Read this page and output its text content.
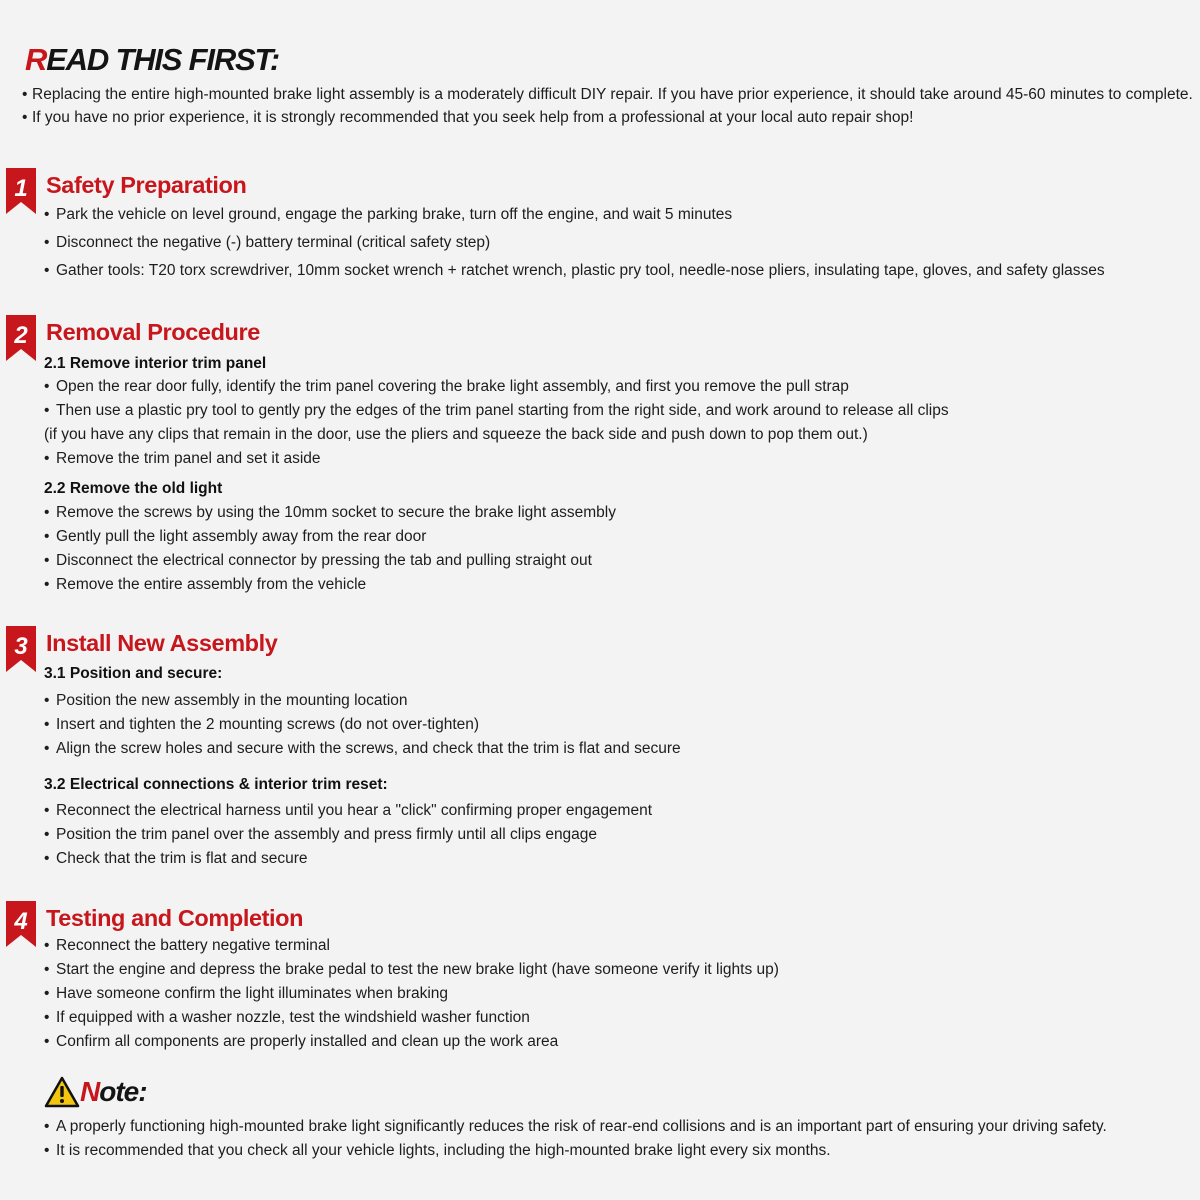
READ THIS FIRST:
• Replacing the entire high-mounted brake light assembly is a moderately difficult DIY repair. If you have prior experience, it should take around 45-60 minutes to complete.
• If you have no prior experience, it is strongly recommended that you seek help from a professional at your local auto repair shop!
1 Safety Preparation
• Park the vehicle on level ground, engage the parking brake, turn off the engine, and wait 5 minutes
• Disconnect the negative (-) battery terminal (critical safety step)
• Gather tools: T20 torx screwdriver, 10mm socket wrench + ratchet wrench, plastic pry tool, needle-nose pliers, insulating tape, gloves, and safety glasses
2 Removal Procedure
2.1 Remove interior trim panel
• Open the rear door fully, identify the trim panel covering the brake light assembly, and first you remove the pull strap
• Then use a plastic pry tool to gently pry the edges of the trim panel starting from the right side, and work around to release all clips
(if you have any clips that remain in the door, use the pliers and squeeze the back side and push down to pop them out.)
• Remove the trim panel and set it aside
2.2 Remove the old light
• Remove the screws by using the 10mm socket to secure the brake light assembly
• Gently pull the light assembly away from the rear door
• Disconnect the electrical connector by pressing the tab and pulling straight out
• Remove the entire assembly from the vehicle
3 Install New Assembly
3.1 Position and secure:
• Position the new assembly in the mounting location
• Insert and tighten the 2 mounting screws (do not over-tighten)
• Align the screw holes and secure with the screws, and check that the trim is flat and secure
3.2 Electrical connections & interior trim reset:
• Reconnect the electrical harness until you hear a "click" confirming proper engagement
• Position the trim panel over the assembly and press firmly until all clips engage
• Check that the trim is flat and secure
4 Testing and Completion
• Reconnect the battery negative terminal
• Start the engine and depress the brake pedal to test the new brake light (have someone verify it lights up)
• Have someone confirm the light illuminates when braking
• If equipped with a washer nozzle, test the windshield washer function
• Confirm all components are properly installed and clean up the work area
Note:
• A properly functioning high-mounted brake light significantly reduces the risk of rear-end collisions and is an important part of ensuring your driving safety.
• It is recommended that you check all your vehicle lights, including the high-mounted brake light every six months.
